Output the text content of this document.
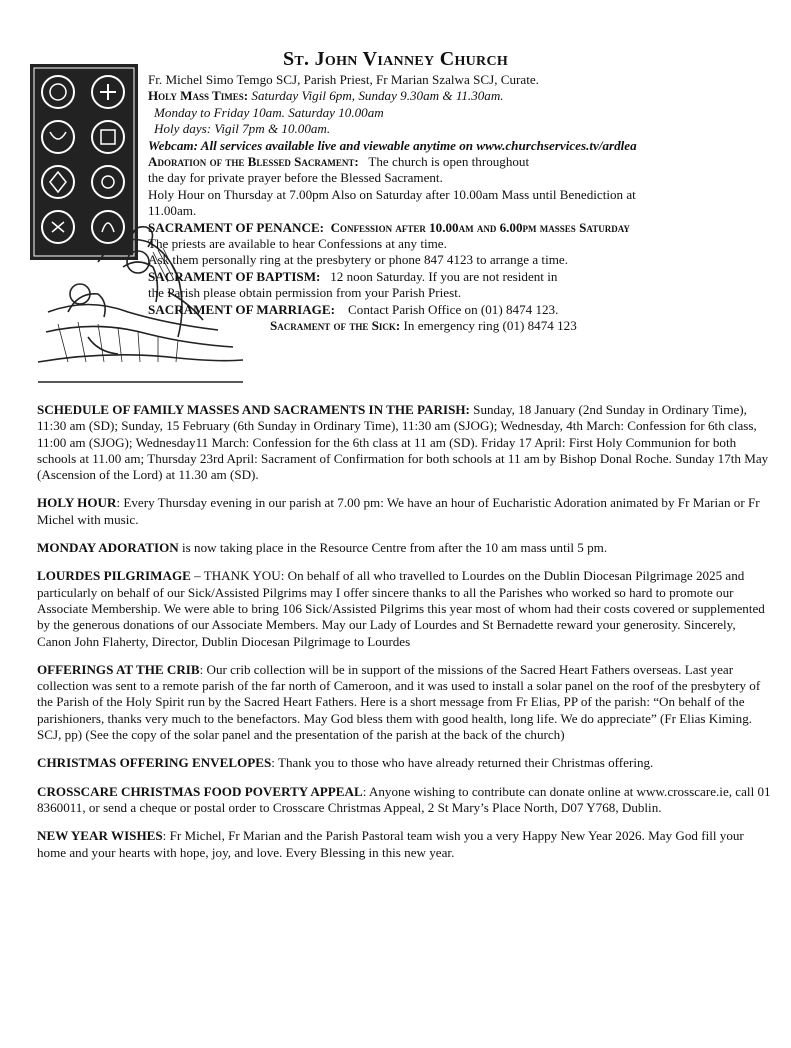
St. John Vianney Church
Fr. Michel Simo Temgo SCJ, Parish Priest, Fr Marian Szalwa SCJ, Curate.
Holy Mass Times: Saturday Vigil 6pm, Sunday 9.30am & 11.30am.
Monday to Friday 10am. Saturday 10.00am
Holy days: Vigil 7pm & 10.00am.
Webcam: All services available live and viewable anytime on www.churchservices.tv/ardlea
Adoration of the Blessed Sacrament: The church is open throughout
the day for private prayer before the Blessed Sacrament.
Holy Hour on Thursday at 7.00pm Also on Saturday after 10.00am Mass until Benediction at
11.00am.
SACRAMENT OF PENANCE: Confession after 10.00am and 6.00pm masses Saturday
The priests are available to hear Confessions at any time.
Ask them personally ring at the presbytery or phone 847 4123 to arrange a time.
SACRAMENT OF BAPTISM: 12 noon Saturday. If you are not resident in
the Parish please obtain permission from your Parish Priest.
SACRAMENT OF MARRIAGE: Contact Parish Office on (01) 8474 123.
Sacrament of the Sick: In emergency ring (01) 8474 123

SCHEDULE OF FAMILY MASSES AND SACRAMENTS IN THE PARISH: Sunday, 18 January (2nd Sunday in Ordinary Time), 11:30 am (SD); Sunday, 15 February (6th Sunday in Ordinary Time), 11:30 am (SJOG); Wednesday, 4th March: Confession for 6th class, 11:00 am (SJOG); Wednesday11 March: Confession for the 6th class at 11 am (SD). Friday 17 April: First Holy Communion for both schools at 11.00 am; Thursday 23rd April: Sacrament of Confirmation for both schools at 11 am by Bishop Donal Roche. Sunday 17th May (Ascension of the Lord) at 11.30 am (SD).

HOLY HOUR: Every Thursday evening in our parish at 7.00 pm: We have an hour of Eucharistic Adoration animated by Fr Marian or Fr Michel with music.

MONDAY ADORATION is now taking place in the Resource Centre from after the 10 am mass until 5 pm.

LOURDES PILGRIMAGE – THANK YOU: On behalf of all who travelled to Lourdes on the Dublin Diocesan Pilgrimage 2025 and particularly on behalf of our Sick/Assisted Pilgrims may I offer sincere thanks to all the Parishes who worked so hard to promote our Associate Membership. We were able to bring 106 Sick/Assisted Pilgrims this year most of whom had their costs covered or supplemented by the generous donations of our Associate Members. May our Lady of Lourdes and St Bernadette reward your generosity. Sincerely, Canon John Flaherty, Director, Dublin Diocesan Pilgrimage to Lourdes

OFFERINGS AT THE CRIB: Our crib collection will be in support of the missions of the Sacred Heart Fathers overseas. Last year collection was sent to a remote parish of the far north of Cameroon, and it was used to install a solar panel on the roof of the presbytery of the Parish of the Holy Spirit run by the Sacred Heart Fathers. Here is a short message from Fr Elias, PP of the parish: “On behalf of the parishioners, thanks very much to the benefactors. May God bless them with good health, long life. We do appreciate” (Fr Elias Kiming. SCJ, pp) (See the copy of the solar panel and the presentation of the parish at the back of the church)

CHRISTMAS OFFERING ENVELOPES: Thank you to those who have already returned their Christmas offering.

CROSSCARE CHRISTMAS FOOD POVERTY APPEAL: Anyone wishing to contribute can donate online at www.crosscare.ie, call 01 8360011, or send a cheque or postal order to Crosscare Christmas Appeal, 2 St Mary’s Place North, D07 Y768, Dublin.

NEW YEAR WISHES: Fr Michel, Fr Marian and the Parish Pastoral team wish you a very Happy New Year 2026. May God fill your home and your hearts with hope, joy, and love. Every Blessing in this new year.
